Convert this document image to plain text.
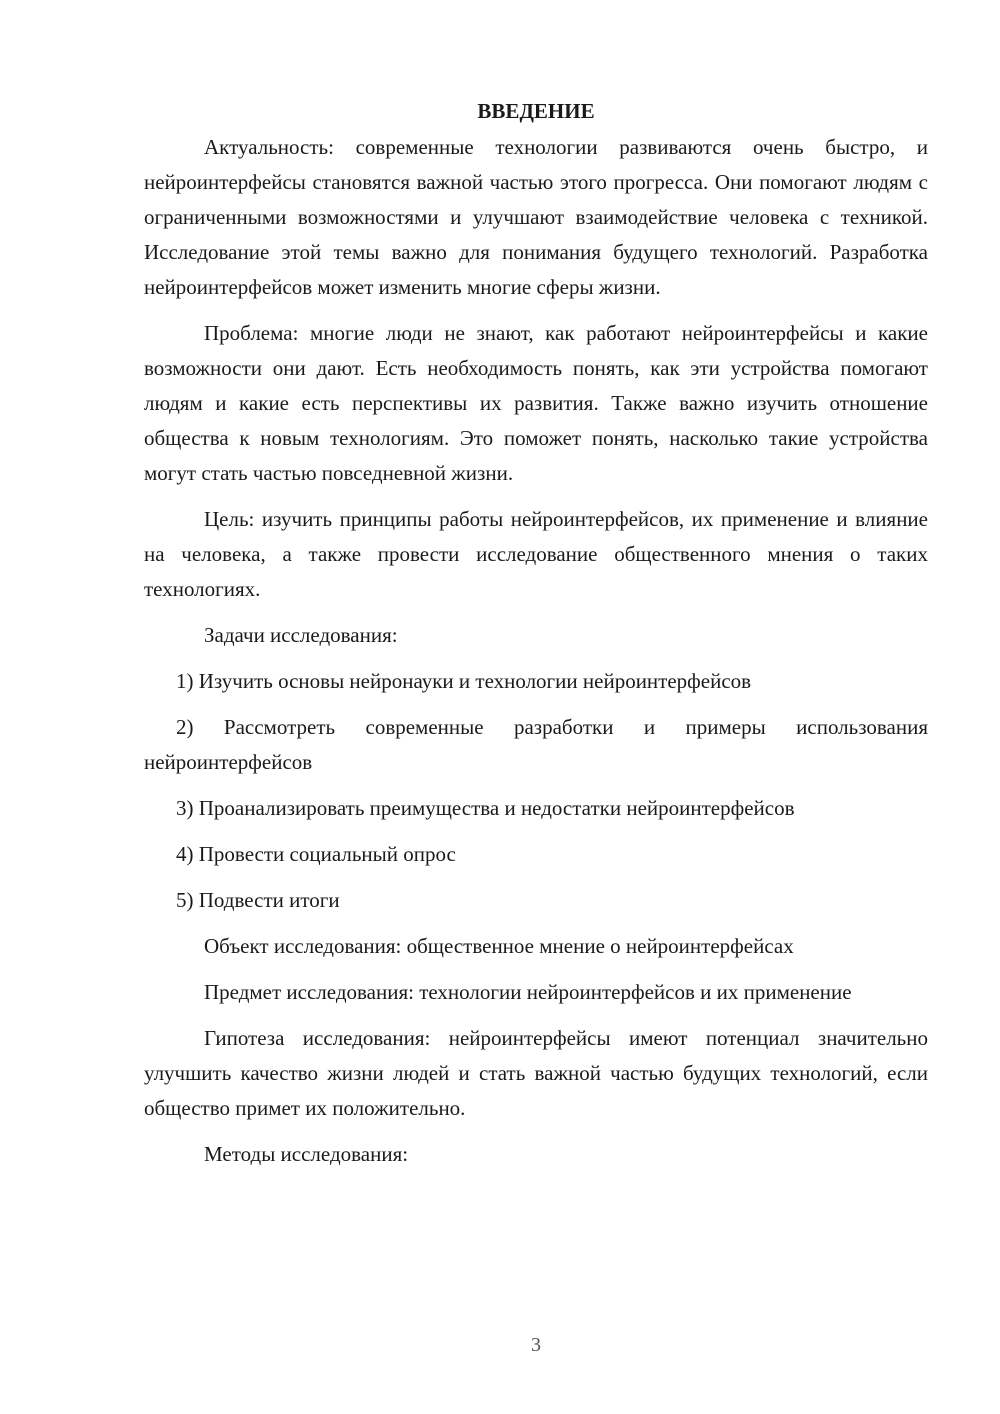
ВВЕДЕНИЕ

Актуальность: современные технологии развиваются очень быстро, и нейроинтерфейсы становятся важной частью этого прогресса. Они помогают людям с ограниченными возможностями и улучшают взаимодействие человека с техникой. Исследование этой темы важно для понимания будущего технологий. Разработка нейроинтерфейсов может изменить многие сферы жизни.

Проблема: многие люди не знают, как работают нейроинтерфейсы и какие возможности они дают. Есть необходимость понять, как эти устройства помогают людям и какие есть перспективы их развития. Также важно изучить отношение общества к новым технологиям. Это поможет понять, насколько такие устройства могут стать частью повседневной жизни.

Цель: изучить принципы работы нейроинтерфейсов, их применение и влияние на человека, а также провести исследование общественного мнения о таких технологиях.

Задачи исследования:

1) Изучить основы нейронауки и технологии нейроинтерфейсов

2) Рассмотреть современные разработки и примеры использования нейроинтерфейсов

3) Проанализировать преимущества и недостатки нейроинтерфейсов

4) Провести социальный опрос

5) Подвести итоги

Объект исследования: общественное мнение о нейроинтерфейсах

Предмет исследования: технологии нейроинтерфейсов и их применение

Гипотеза исследования: нейроинтерфейсы имеют потенциал значительно улучшить качество жизни людей и стать важной частью будущих технологий, если общество примет их положительно.

Методы исследования:

3
